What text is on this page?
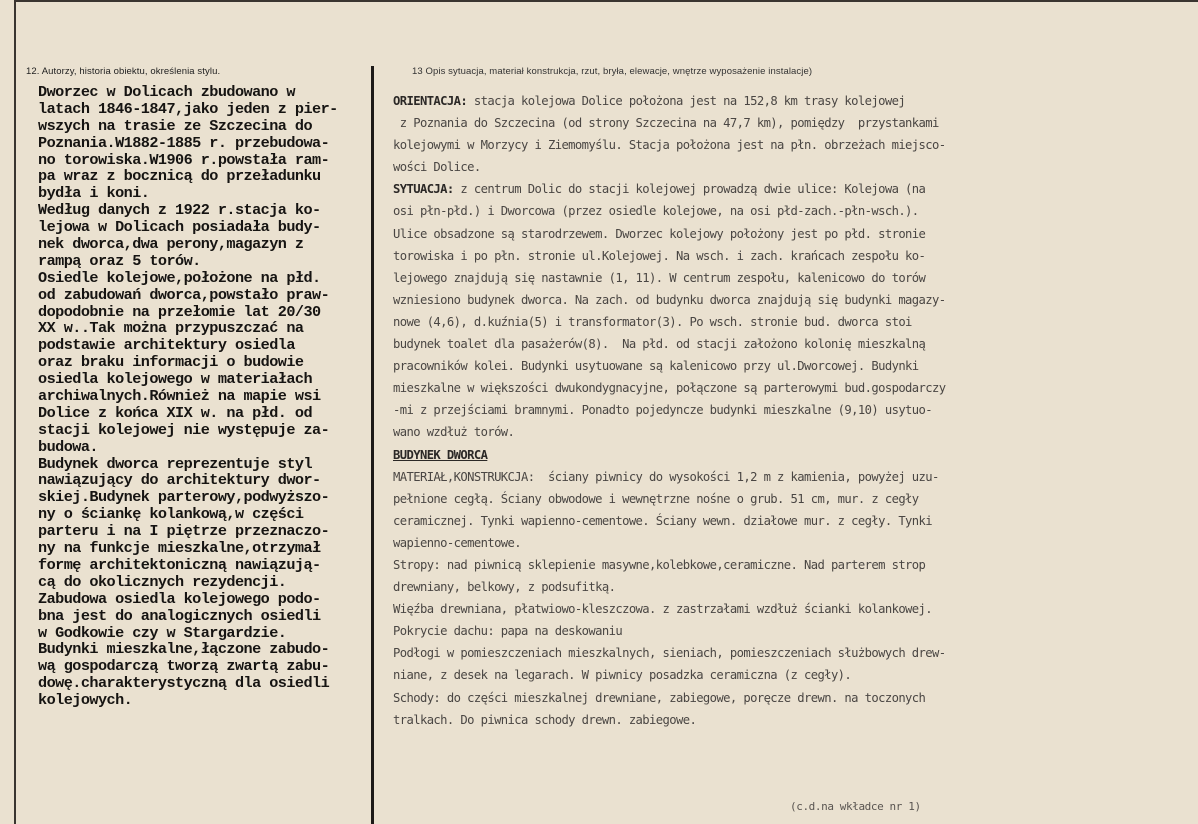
12. Autorzy, historia obiektu, określenia stylu.	13 Opis sytuacja, materiał konstrukcja, rzut, bryła, elewacje, wnętrze wyposażenie instalacje)
Dworzec w Dolicach zbudowano w
latach 1846-1847,jako jeden z pier-
wszych na trasie ze Szczecina do
Poznania.W1882-1885 r. przebudowa-
no torowiska.W1906 r.powstała ram-
pa wraz z bocznicą do przeładunku
bydła i koni.
Według danych z 1922 r.stacja ko-
lejowa w Dolicach posiadała budy-
nek dworca,dwa perony,magazyn z
rampą oraz 5 torów.
Osiedle kolejowe,położone na płd.
od zabudowań dworca,powstało praw-
dopodobnie na przełomie lat 20/30
XX w..Tak można przypuszczać na
podstawie architektury osiedla
oraz braku informacji o budowie
osiedla kolejowego w materiałach
archiwalnych.Również na mapie wsi
Dolice z końca XIX w. na płd. od
stacji kolejowej nie występuje za-
budowa.
Budynek dworca reprezentuje styl
nawiązujący do architektury dwor-
skiej.Budynek parterowy,podwyższo-
ny o ściankę kolankową,w części
parteru i na I piętrze przeznaczo-
ny na funkcje mieszkalne,otrzymał
formę architektoniczną nawiązują-
cą do okolicznych rezydencji.
Zabudowa osiedla kolejowego podo-
bna jest do analogicznych osiedli
w Godkowie czy w Stargardzie.
Budynki mieszkalne,łączone zabudo-
wą gospodarczą tworzą zwartą zabu-
dowę.charakterystyczną dla osiedli
kolejowych.
ORIENTACJA: stacja kolejowa Dolice położona jest na 152,8 km trasy kolejowej
z Poznania do Szczecina (od strony Szczecina na 47,7 km), pomiędzy  przystankami
kolejowymi w Morzycy i Ziemomyślu. Stacja położona jest na płn. obrzeżach miejsco-
wości Dolice.
SYTUACJA: z centrum Dolic do stacji kolejowej prowadzą dwie ulice: Kolejowa (na
osi płn-płd.) i Dworcowa (przez osiedle kolejowe, na osi płd-zach.-płn-wsch.).
Ulice obsadzone są starodrzewem. Dworzec kolejowy położony jest po płd. stronie
torowiska i po płn. stronie ul.Kolejowej. Na wsch. i zach. krańcach zespołu ko-
lejowego znajdują się nastawnie (1, 11). W centrum zespołu, kalenicowo do torów
wzniesiono budynek dworca. Na zach. od budynku dworca znajdują się budynki magazy-
nowe (4,6), d.kuźnia(5) i transformator(3). Po wsch. stronie bud. dworca stoi
budynek toalet dla pasażerów(8).  Na płd. od stacji założono kolonię mieszkalną
pracowników kolei. Budynki usytuowane są kalenicowo przy ul.Dworcowej. Budynki
mieszkalne w większości dwukondygnacyjne, połączone są parterowymi bud.gospodarczy
-mi z przejściami bramnymi. Ponadto pojedyncze budynki mieszkalne (9,10) usytuo-
wano wzdłuż torów.
BUDYNEK DWORCA
MATERIAŁ,KONSTRUKCJA:  ściany piwnicy do wysokości 1,2 m z kamienia, powyżej uzu-
pełnione cegłą. Ściany obwodowe i wewnętrzne nośne o grub. 51 cm, mur. z cegły
ceramicznej. Tynki wapienno-cementowe. Ściany wewn. działowe mur. z cegły. Tynki
wapienno-cementowe.
Stropy: nad piwnicą sklepienie masywne,kolebkowe,ceramiczne. Nad parterem strop
drewniany, belkowy, z podsufitką.
Więźba drewniana, płatwiowo-kleszczowa. z zastrzałami wzdłuż ścianki kolankowej.
Pokrycie dachu: papa na deskowaniu
Podłogi w pomieszczeniach mieszkalnych, sieniach, pomieszczeniach służbowych drew-
niane, z desek na legarach. W piwnicy posadzka ceramiczna (z cegły).
Schody: do części mieszkalnej drewniane, zabiegowe, poręcze drewn. na toczonych
tralkach. Do piwnica schody drewn. zabiegowe.
(c.d.na wkładce nr 1)
